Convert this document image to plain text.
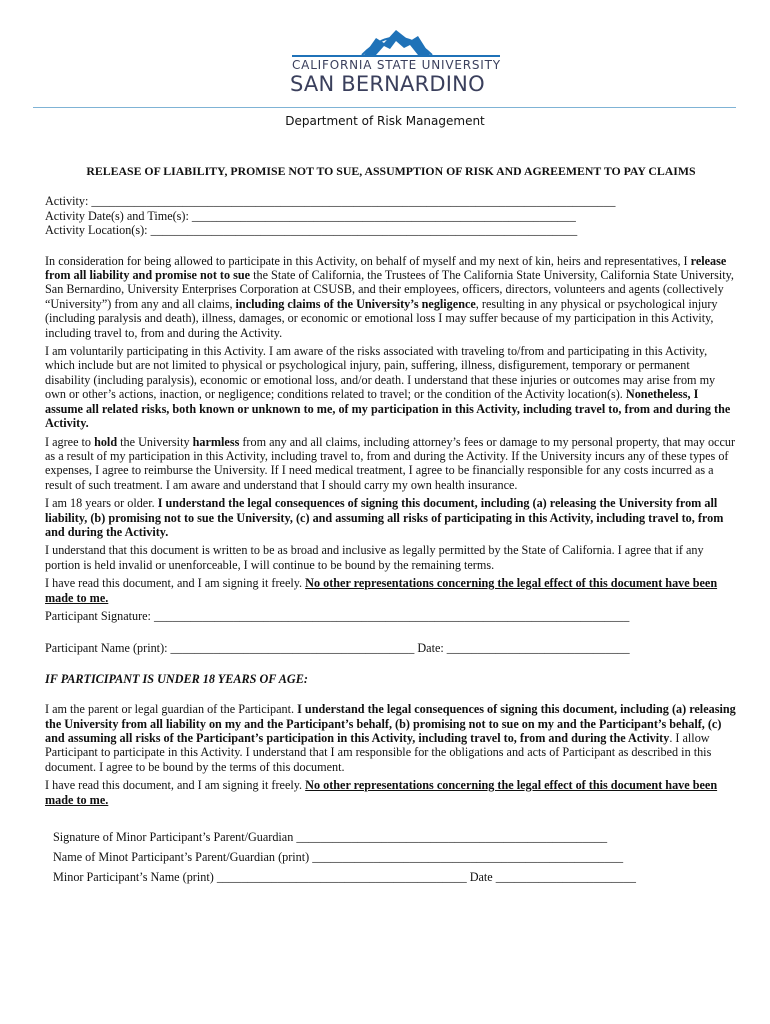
CALIFORNIA STATE UNIVERSITY
SAN BERNARDINO
Department of Risk Management
RELEASE OF LIABILITY, PROMISE NOT TO SUE, ASSUMPTION OF RISK AND AGREEMENT TO PAY CLAIMS
Activity: ______________________________________________________________________________________
Activity Date(s) and Time(s): _______________________________________________________________
Activity Location(s): ______________________________________________________________________

In consideration for being allowed to participate in this Activity, on behalf of myself and my next of kin, heirs and representatives, I release from all liability and promise not to sue the State of California, the Trustees of The California State University, California State University, San Bernardino, University Enterprises Corporation at CSUSB, and their employees, officers, directors, volunteers and agents (collectively “University”) from any and all claims, including claims of the University’s negligence, resulting in any physical or psychological injury (including paralysis and death), illness, damages, or economic or emotional loss I may suffer because of my participation in this Activity, including travel to, from and during the Activity.

I am voluntarily participating in this Activity. I am aware of the risks associated with traveling to/from and participating in this Activity, which include but are not limited to physical or psychological injury, pain, suffering, illness, disfigurement, temporary or permanent disability (including paralysis), economic or emotional loss, and/or death. I understand that these injuries or outcomes may arise from my own or other’s actions, inaction, or negligence; conditions related to travel; or the condition of the Activity location(s). Nonetheless, I assume all related risks, both known or unknown to me, of my participation in this Activity, including travel to, from and during the Activity.

I agree to hold the University harmless from any and all claims, including attorney’s fees or damage to my personal property, that may occur as a result of my participation in this Activity, including travel to, from and during the Activity. If the University incurs any of these types of expenses, I agree to reimburse the University. If I need medical treatment, I agree to be financially responsible for any costs incurred as a result of such treatment. I am aware and understand that I should carry my own health insurance.

I am 18 years or older. I understand the legal consequences of signing this document, including (a) releasing the University from all liability, (b) promising not to sue the University, (c) and assuming all risks of participating in this Activity, including travel to, from and during the Activity.

I understand that this document is written to be as broad and inclusive as legally permitted by the State of California. I agree that if any portion is held invalid or unenforceable, I will continue to be bound by the remaining terms.

I have read this document, and I am signing it freely. No other representations concerning the legal effect of this document have been made to me.

Participant Signature: ______________________________________________________________________________
Participant Name (print): ________________________________________ Date: ______________________________
IF PARTICIPANT IS UNDER 18 YEARS OF AGE:

I am the parent or legal guardian of the Participant. I understand the legal consequences of signing this document, including (a) releasing the University from all liability on my and the Participant’s behalf, (b) promising not to sue on my and the Participant’s behalf, (c) and assuming all risks of the Participant’s participation in this Activity, including travel to, from and during the Activity. I allow Participant to participate in this Activity. I understand that I am responsible for the obligations and acts of Participant as described in this document. I agree to be bound by the terms of this document.

I have read this document, and I am signing it freely. No other representations concerning the legal effect of this document have been made to me.

Signature of Minor Participant’s Parent/Guardian ___________________________________________________
Name of Minot Participant’s Parent/Guardian (print) ___________________________________________________
Minor Participant’s Name (print) _________________________________________ Date _______________________
